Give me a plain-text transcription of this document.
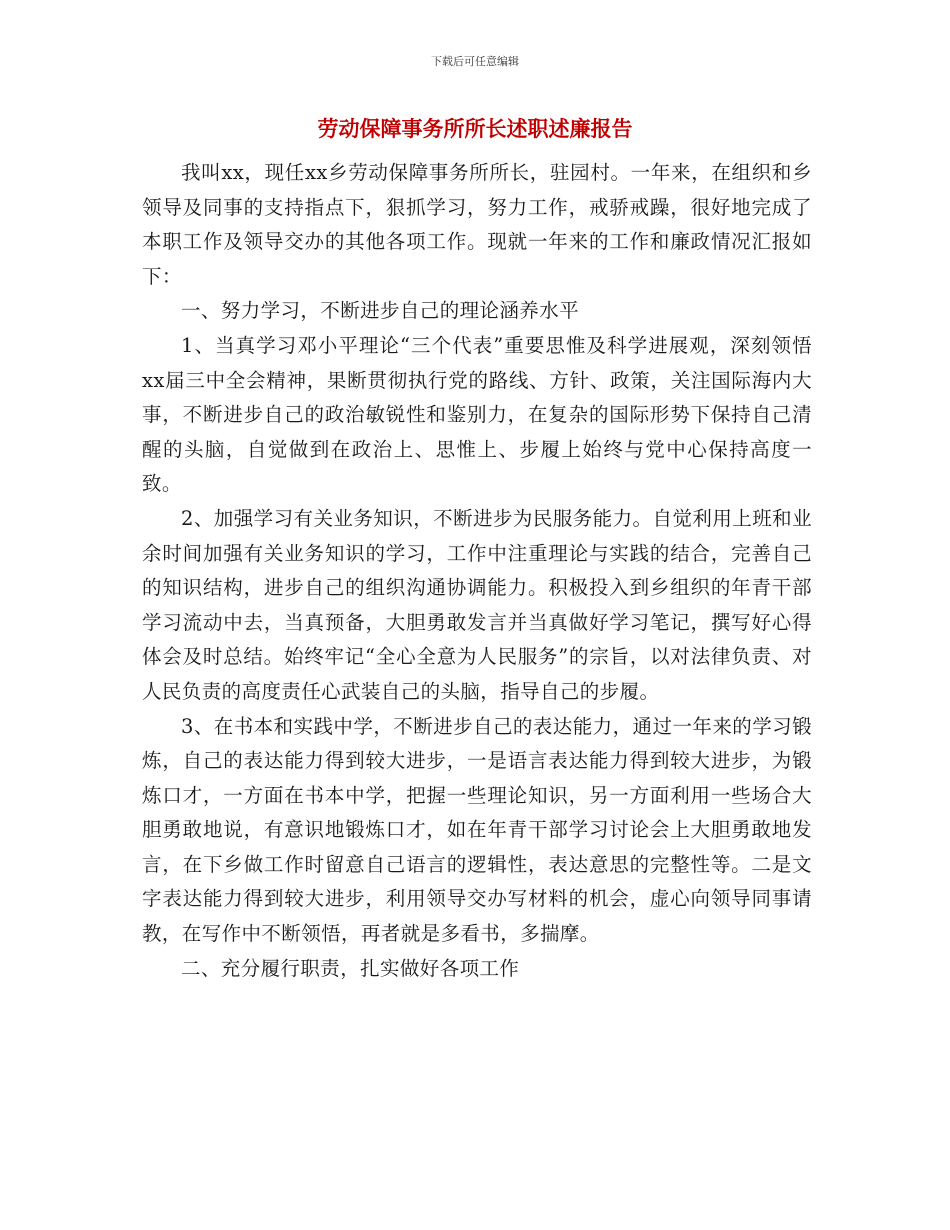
下载后可任意编辑
劳动保障事务所所长述职述廉报告

我叫xx，现任xx乡劳动保障事务所所长，驻园村。一年来，在组织和乡领导及同事的支持指点下，狠抓学习，努力工作，戒骄戒躁，很好地完成了本职工作及领导交办的其他各项工作。现就一年来的工作和廉政情况汇报如下：

一、努力学习，不断进步自己的理论涵养水平

1、当真学习邓小平理论“三个代表”重要思惟及科学进展观，深刻领悟xx届三中全会精神，果断贯彻执行党的路线、方针、政策，关注国际海内大事，不断进步自己的政治敏锐性和鉴别力，在复杂的国际形势下保持自己清醒的头脑，自觉做到在政治上、思惟上、步履上始终与党中心保持高度一致。

2、加强学习有关业务知识，不断进步为民服务能力。自觉利用上班和业余时间加强有关业务知识的学习，工作中注重理论与实践的结合，完善自己的知识结构，进步自己的组织沟通协调能力。积极投入到乡组织的年青干部学习流动中去，当真预备，大胆勇敢发言并当真做好学习笔记，撰写好心得体会及时总结。始终牢记“全心全意为人民服务”的宗旨，以对法律负责、对人民负责的高度责任心武装自己的头脑，指导自己的步履。

3、在书本和实践中学，不断进步自己的表达能力，通过一年来的学习锻炼，自己的表达能力得到较大进步，一是语言表达能力得到较大进步，为锻炼口才，一方面在书本中学，把握一些理论知识，另一方面利用一些场合大胆勇敢地说，有意识地锻炼口才，如在年青干部学习讨论会上大胆勇敢地发言，在下乡做工作时留意自己语言的逻辑性，表达意思的完整性等。二是文字表达能力得到较大进步，利用领导交办写材料的机会，虚心向领导同事请教，在写作中不断领悟，再者就是多看书，多揣摩。

二、充分履行职责，扎实做好各项工作
